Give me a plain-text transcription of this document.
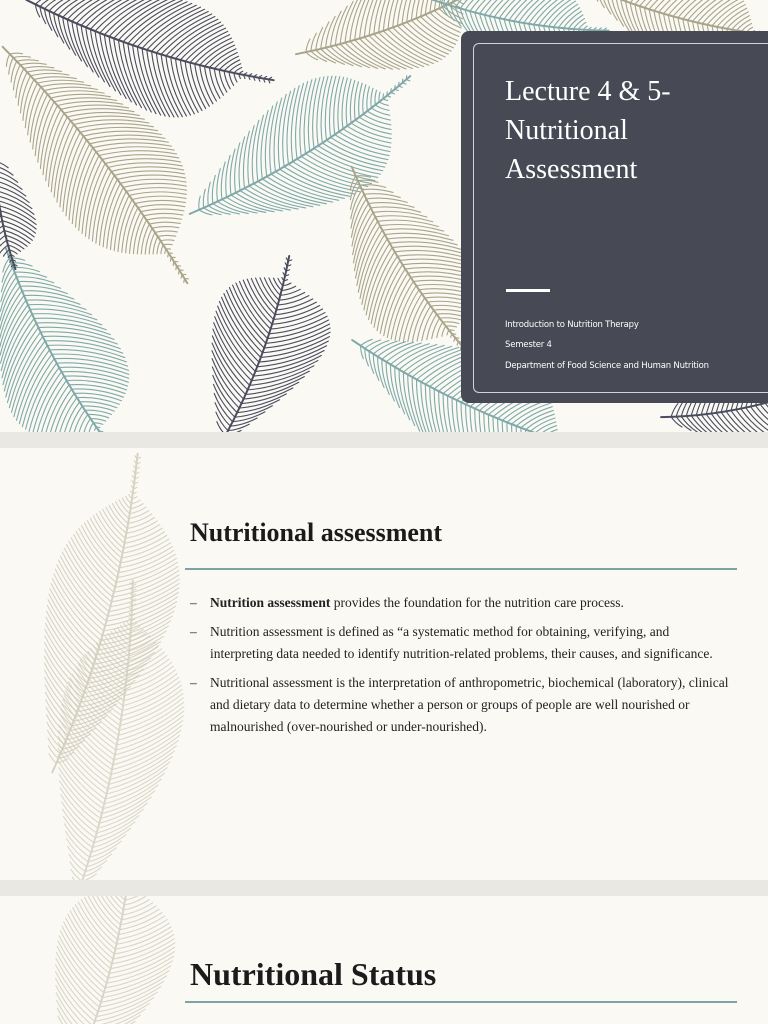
Lecture 4 & 5- Nutritional Assessment
Introduction to Nutrition Therapy
Semester 4
Department of Food Science and Human Nutrition
Nutritional assessment
– Nutrition assessment provides the foundation for the nutrition care process.
– Nutrition assessment is defined as “a systematic method for obtaining, verifying, and interpreting data needed to identify nutrition-related problems, their causes, and significance.
– Nutritional assessment is the interpretation of anthropometric, biochemical (laboratory), clinical and dietary data to determine whether a person or groups of people are well nourished or malnourished (over-nourished or under-nourished).
Nutritional Status
